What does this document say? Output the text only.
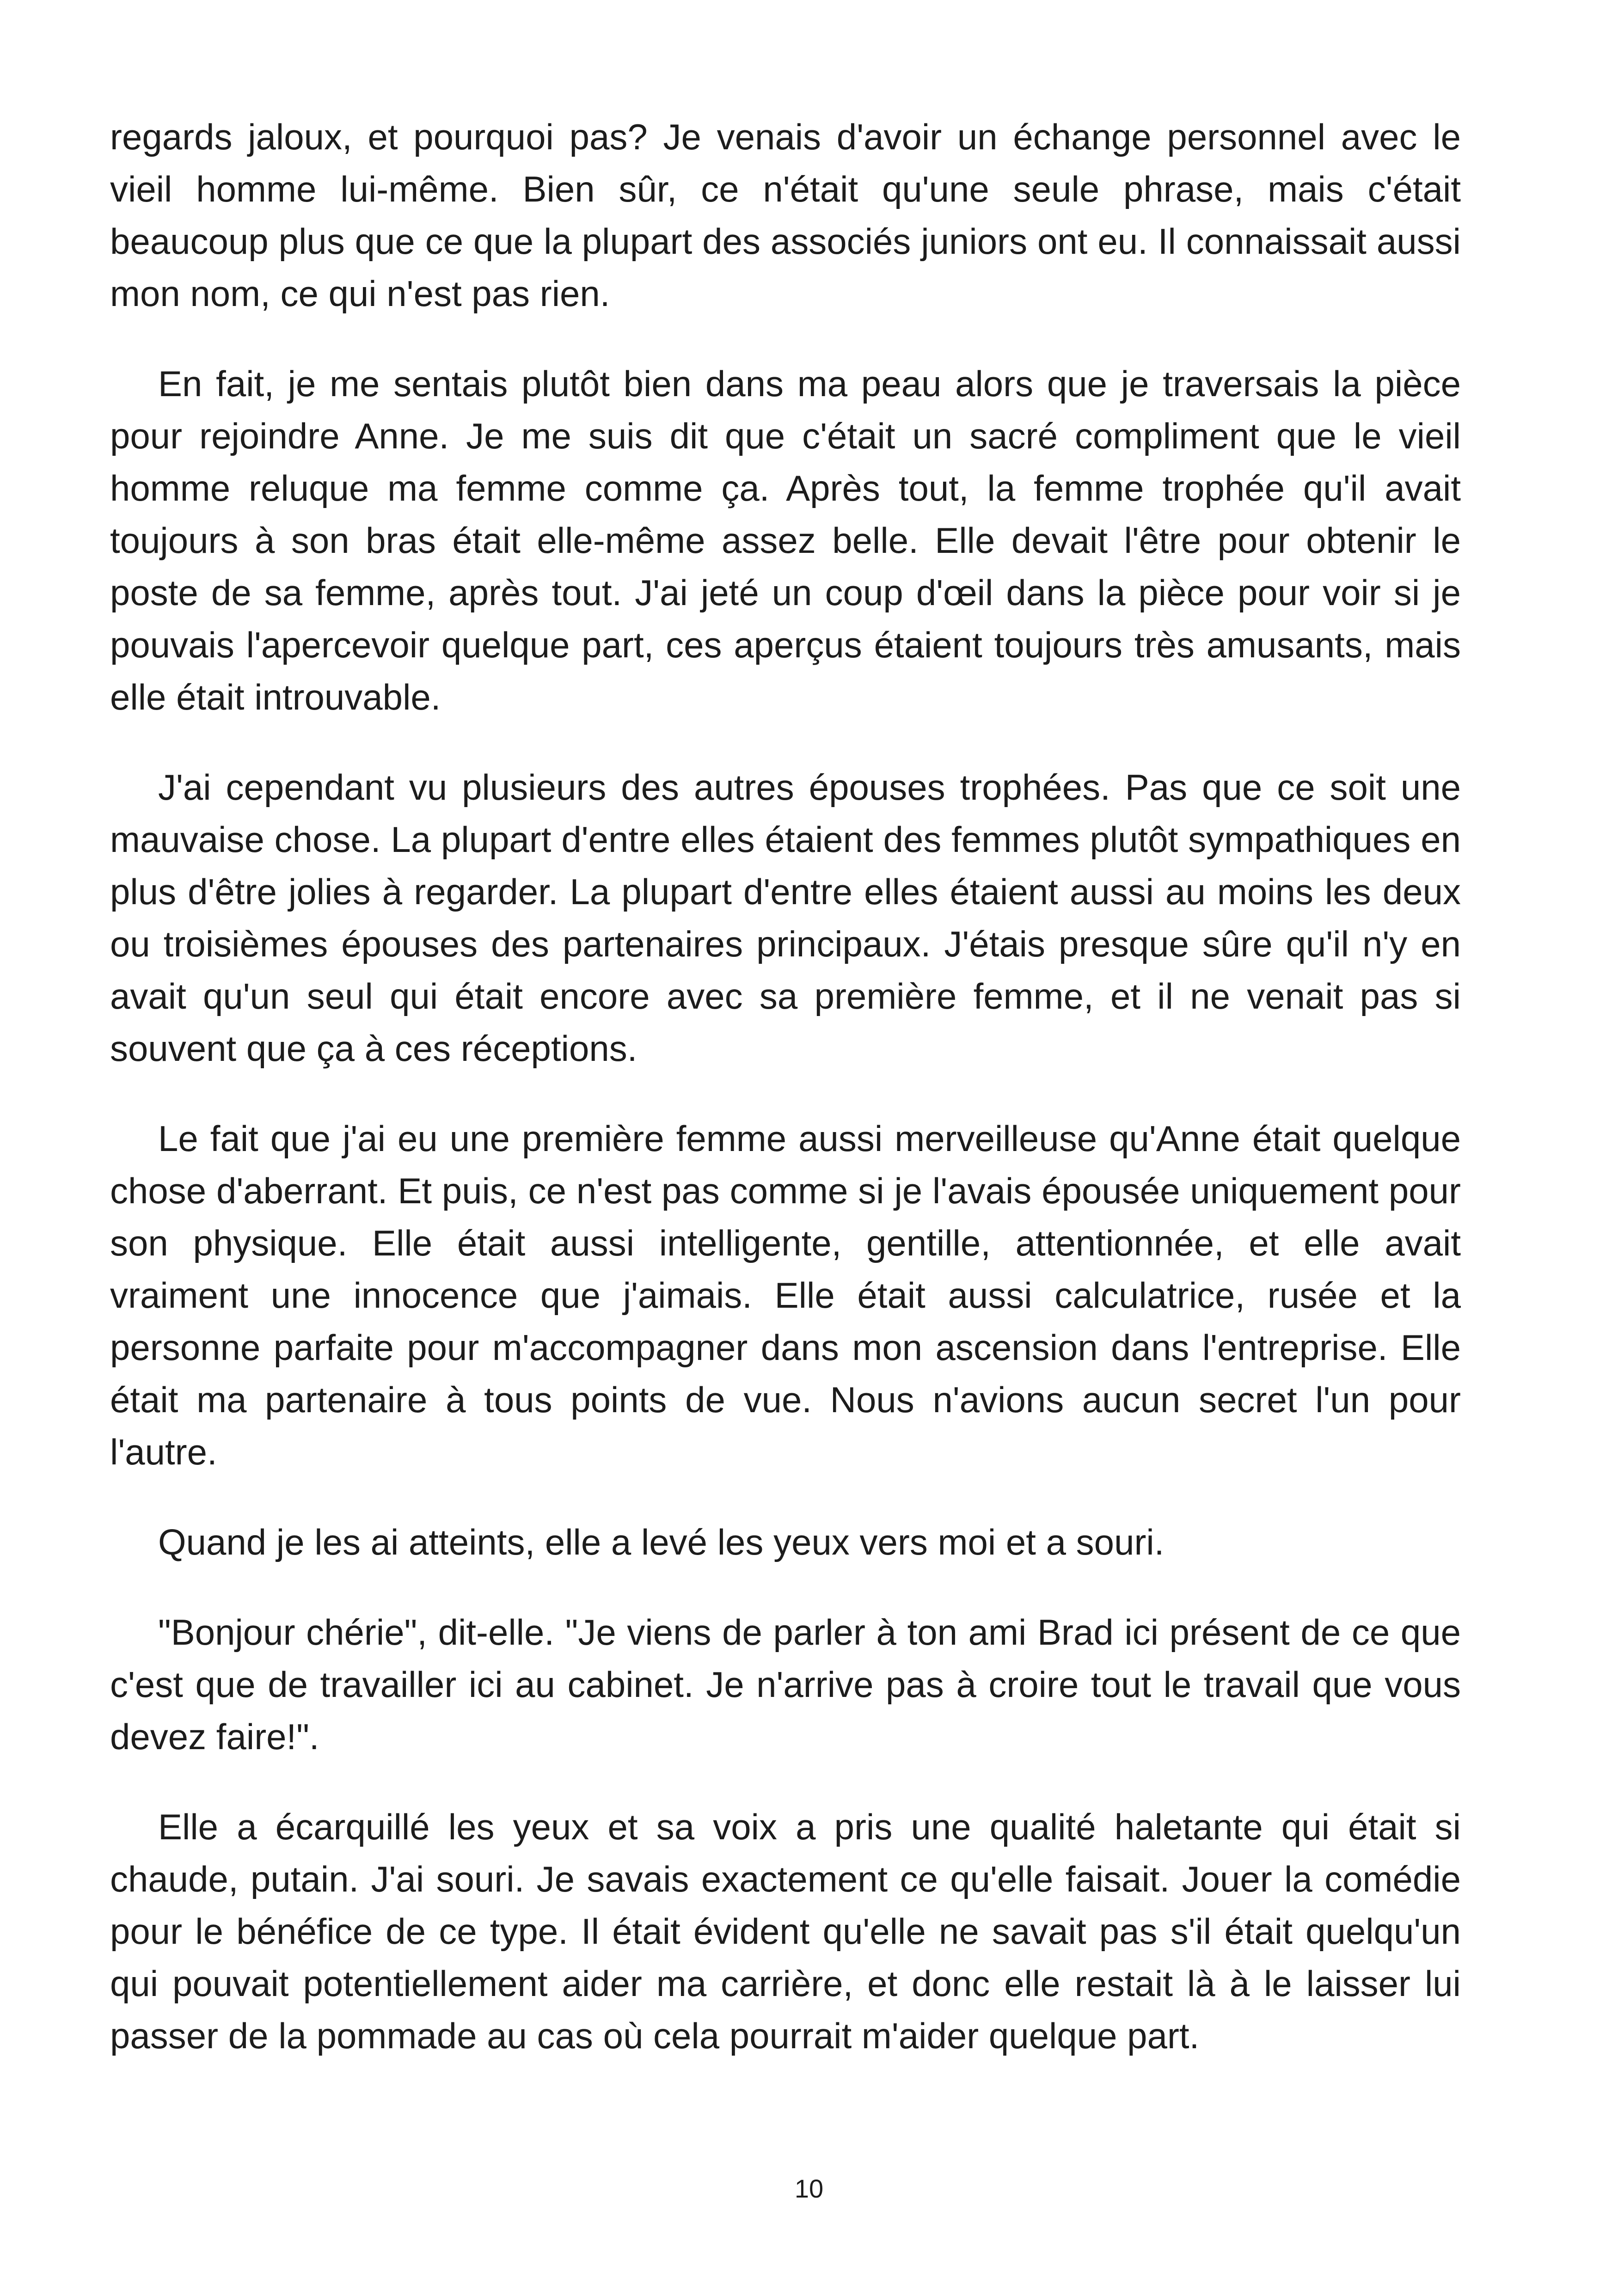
regards jaloux, et pourquoi pas? Je venais d'avoir un échange personnel avec le vieil homme lui-même. Bien sûr, ce n'était qu'une seule phrase, mais c'était beaucoup plus que ce que la plupart des associés juniors ont eu. Il connaissait aussi mon nom, ce qui n'est pas rien.

En fait, je me sentais plutôt bien dans ma peau alors que je traversais la pièce pour rejoindre Anne. Je me suis dit que c'était un sacré compliment que le vieil homme reluque ma femme comme ça. Après tout, la femme trophée qu'il avait toujours à son bras était elle-même assez belle. Elle devait l'être pour obtenir le poste de sa femme, après tout. J'ai jeté un coup d'œil dans la pièce pour voir si je pouvais l'apercevoir quelque part, ces aperçus étaient toujours très amusants, mais elle était introuvable.

J'ai cependant vu plusieurs des autres épouses trophées. Pas que ce soit une mauvaise chose. La plupart d'entre elles étaient des femmes plutôt sympathiques en plus d'être jolies à regarder. La plupart d'entre elles étaient aussi au moins les deux ou troisièmes épouses des partenaires principaux. J'étais presque sûre qu'il n'y en avait qu'un seul qui était encore avec sa première femme, et il ne venait pas si souvent que ça à ces réceptions.

Le fait que j'ai eu une première femme aussi merveilleuse qu'Anne était quelque chose d'aberrant. Et puis, ce n'est pas comme si je l'avais épousée uniquement pour son physique. Elle était aussi intelligente, gentille, attentionnée, et elle avait vraiment une innocence que j'aimais. Elle était aussi calculatrice, rusée et la personne parfaite pour m'accompagner dans mon ascension dans l'entreprise. Elle était ma partenaire à tous points de vue. Nous n'avions aucun secret l'un pour l'autre.

Quand je les ai atteints, elle a levé les yeux vers moi et a souri.

"Bonjour chérie", dit-elle. "Je viens de parler à ton ami Brad ici présent de ce que c'est que de travailler ici au cabinet. Je n'arrive pas à croire tout le travail que vous devez faire!".

Elle a écarquillé les yeux et sa voix a pris une qualité haletante qui était si chaude, putain. J'ai souri. Je savais exactement ce qu'elle faisait. Jouer la comédie pour le bénéfice de ce type. Il était évident qu'elle ne savait pas s'il était quelqu'un qui pouvait potentiellement aider ma carrière, et donc elle restait là à le laisser lui passer de la pommade au cas où cela pourrait m'aider quelque part.

10
